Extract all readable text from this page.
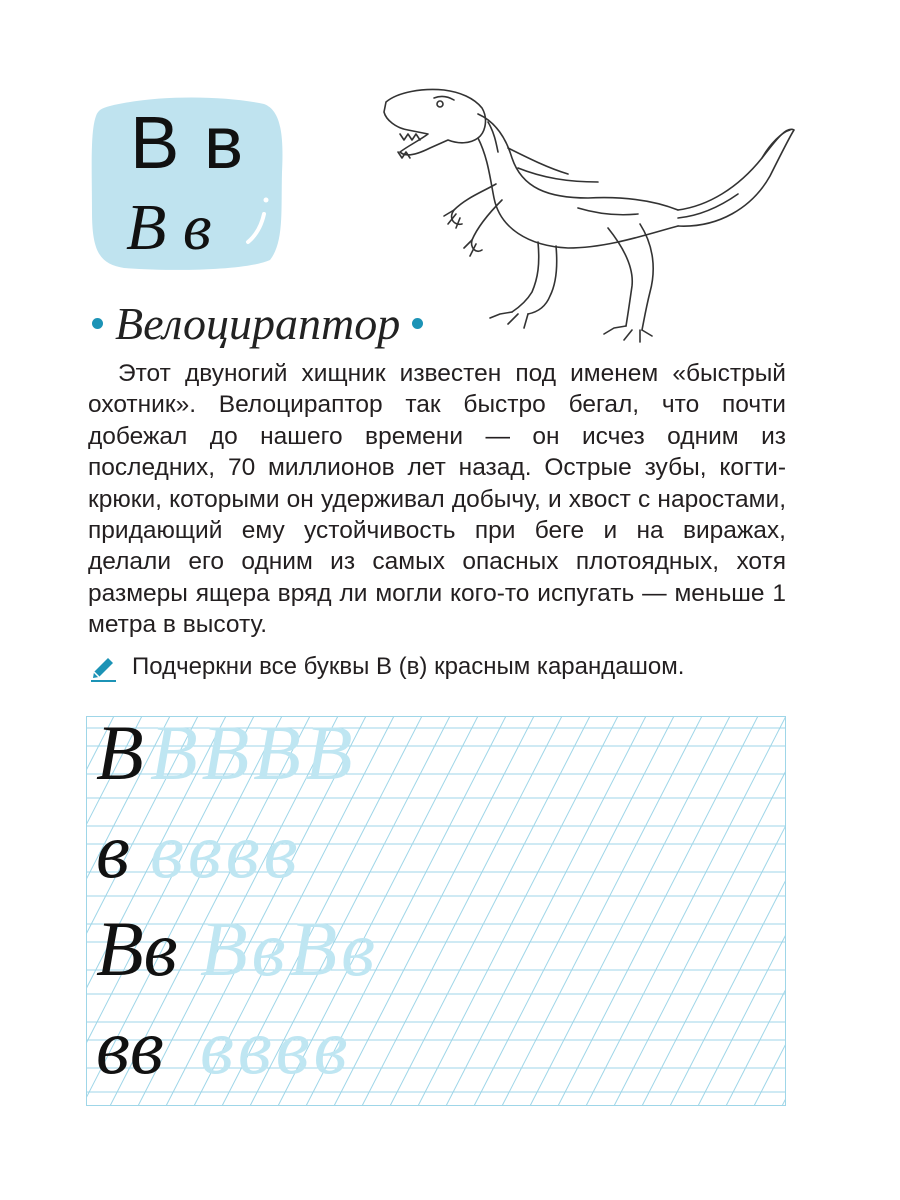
В в
В в
Велоцираптор
Этот двуногий хищник известен под именем «быстрый охотник». Велоцираптор так быстро бегал, что почти добежал до нашего времени — он исчез одним из последних, 70 миллионов лет назад. Острые зубы, когти-крюки, которыми он удерживал добычу, и хвост с наростами, придающий ему устойчивость при беге и на виражах, делали его одним из самых опасных плотоядных, хотя размеры ящера вряд ли могли кого-то испугать — меньше 1 метра в высоту.
Подчеркни все буквы В (в) красным карандашом.
В ВВВВ
в вввв
Вв ВвВв
вв вввв
